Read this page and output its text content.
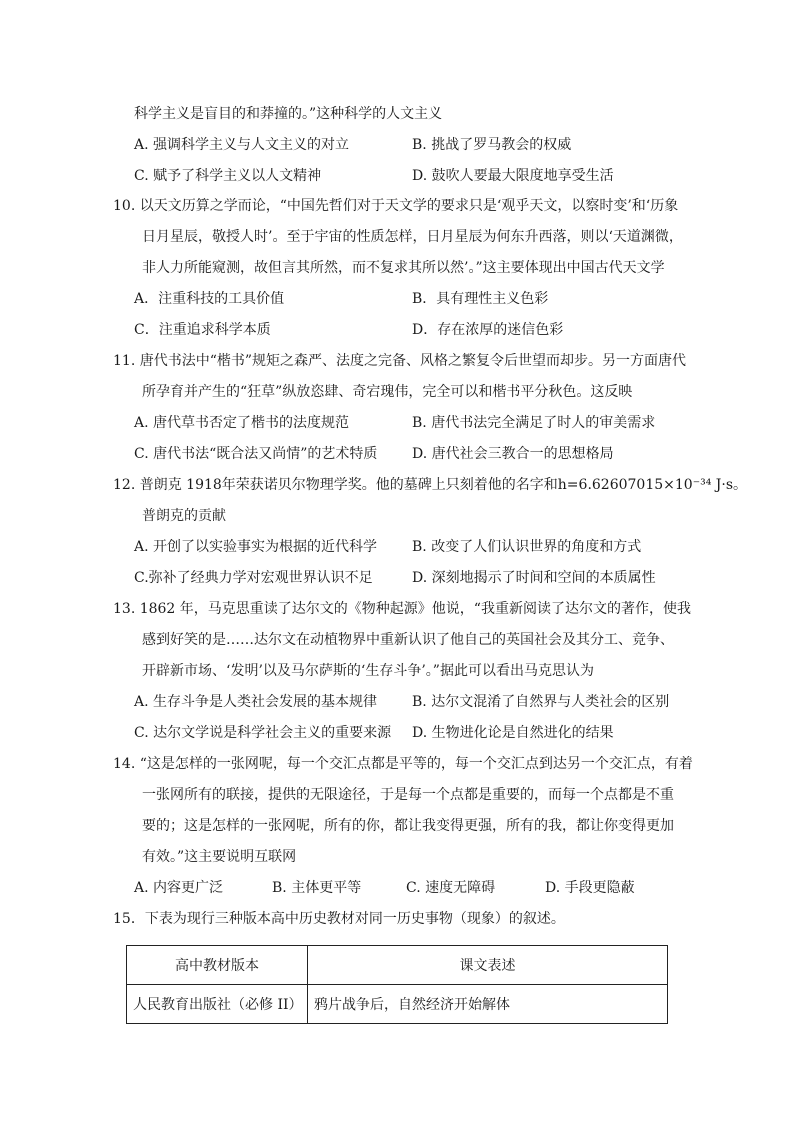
科学主义是盲目的和莽撞的。”这种科学的人文主义
A. 强调科学主义与人文主义的对立	B. 挑战了罗马教会的权威
C. 赋予了科学主义以人文精神	D. 鼓吹人要最大限度地享受生活
10. 以天文历算之学而论，“中国先哲们对于天文学的要求只是‘观乎天文，以察时变’和‘历象
日月星辰，敬授人时’。至于宇宙的性质怎样，日月星辰为何东升西落，则以‘天道渊微，
非人力所能窥测，故但言其所然，而不复求其所以然’。”这主要体现出中国古代天文学
A．注重科技的工具价值	B．具有理性主义色彩
C．注重追求科学本质	D．存在浓厚的迷信色彩
11. 唐代书法中“楷书”规矩之森严、法度之完备、风格之繁复令后世望而却步。另一方面唐代
所孕育并产生的“狂草”纵放恣肆、奇宕瑰伟，完全可以和楷书平分秋色。这反映
A. 唐代草书否定了楷书的法度规范	B. 唐代书法完全满足了时人的审美需求
C. 唐代书法“既合法又尚情”的艺术特质 D. 唐代社会三教合一的思想格局
12. 普朗克 1918年荣获诺贝尔物理学奖。他的墓碑上只刻着他的名字和h=6.62607015×10⁻³⁴ J·s。
普朗克的贡献
A. 开创了以实验事实为根据的近代科学 B. 改变了人们认识世界的角度和方式
C.弥补了经典力学对宏观世界认识不足	D. 深刻地揭示了时间和空间的本质属性
13. 1862 年，马克思重读了达尔文的《物种起源》他说，“我重新阅读了达尔文的著作，使我
感到好笑的是……达尔文在动植物界中重新认识了他自己的英国社会及其分工、竞争、
开辟新市场、‘发明’以及马尔萨斯的‘生存斗争’。”据此可以看出马克思认为
A. 生存斗争是人类社会发展的基本规律 B. 达尔文混淆了自然界与人类社会的区别
C. 达尔文学说是科学社会主义的重要来源 D. 生物进化论是自然进化的结果
14. “这是怎样的一张网呢，每一个交汇点都是平等的，每一个交汇点到达另一个交汇点，有着
一张网所有的联接，提供的无限途径，于是每一个点都是重要的，而每一个点都是不重
要的；这是怎样的一张网呢，所有的你，都让我变得更强，所有的我，都让你变得更加
有效。”这主要说明互联网
A. 内容更广泛	B. 主体更平等	C. 速度无障碍	D. 手段更隐蔽
15．下表为现行三种版本高中历史教材对同一历史事物（现象）的叙述。
高中教材版本	课文表述
人民教育出版社（必修 II）	鸦片战争后，自然经济开始解体
